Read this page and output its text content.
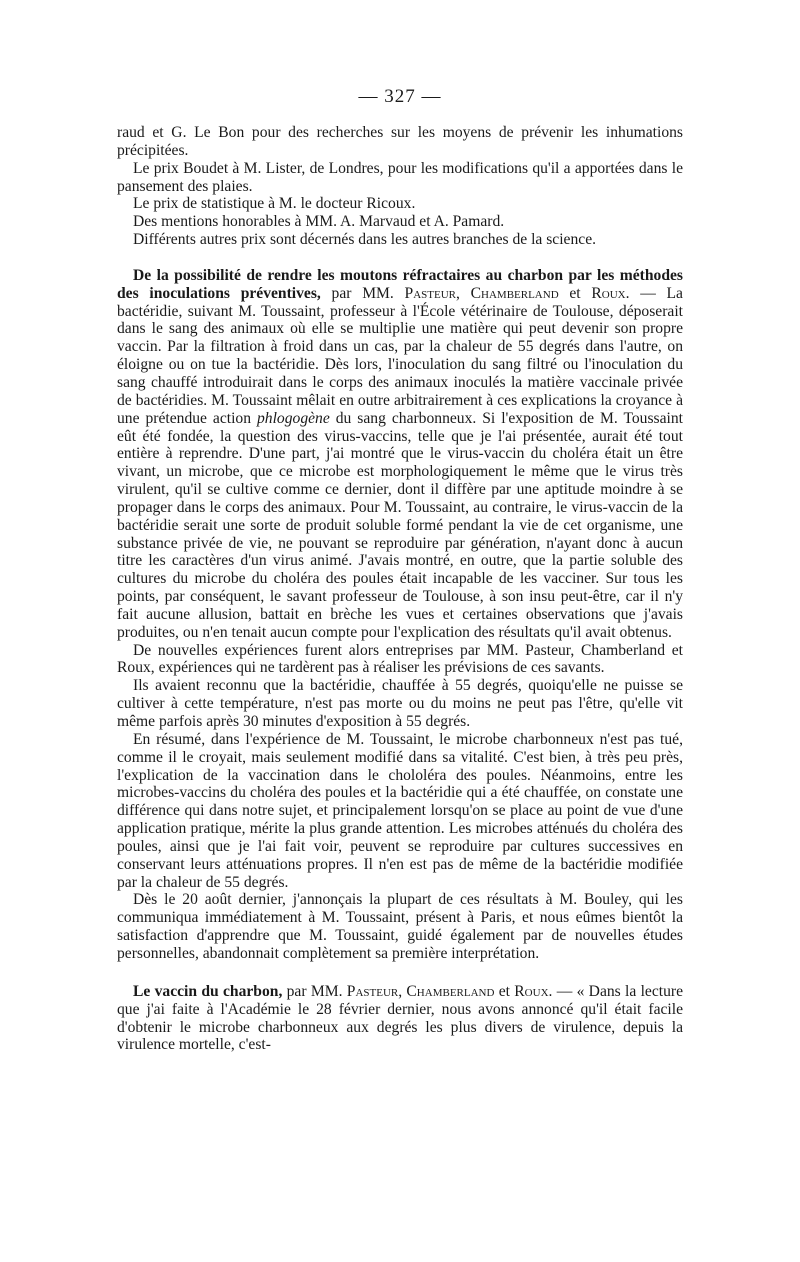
— 327 —

raud et G. Le Bon pour des recherches sur les moyens de prévenir les inhumations précipitées.

Le prix Boudet à M. Lister, de Londres, pour les modifications qu'il a apportées dans le pansement des plaies.

Le prix de statistique à M. le docteur Ricoux.

Des mentions honorables à MM. A. Marvaud et A. Pamard.

Différents autres prix sont décernés dans les autres branches de la science.

De la possibilité de rendre les moutons réfractaires au charbon par les méthodes des inoculations préventives, par MM. Pasteur, Chamberland et Roux. — La bactéridie, suivant M. Toussaint, professeur à l'École vétérinaire de Toulouse, déposerait dans le sang des animaux où elle se multiplie une matière qui peut devenir son propre vaccin. Par la filtration à froid dans un cas, par la chaleur de 55 degrés dans l'autre, on éloigne ou on tue la bactéridie. Dès lors, l'inoculation du sang filtré ou l'inoculation du sang chauffé introduirait dans le corps des animaux inoculés la matière vaccinale privée de bactéridies. M. Toussaint mêlait en outre arbitrairement à ces explications la croyance à une prétendue action phlogogène du sang charbonneux. Si l'exposition de M. Toussaint eût été fondée, la question des virus-vaccins, telle que je l'ai présentée, aurait été tout entière à reprendre. D'une part, j'ai montré que le virus-vaccin du choléra était un être vivant, un microbe, que ce microbe est morphologiquement le même que le virus très virulent, qu'il se cultive comme ce dernier, dont il diffère par une aptitude moindre à se propager dans le corps des animaux. Pour M. Toussaint, au contraire, le virus-vaccin de la bactéridie serait une sorte de produit soluble formé pendant la vie de cet organisme, une substance privée de vie, ne pouvant se reproduire par génération, n'ayant donc à aucun titre les caractères d'un virus animé. J'avais montré, en outre, que la partie soluble des cultures du microbe du choléra des poules était incapable de les vacciner. Sur tous les points, par conséquent, le savant professeur de Toulouse, à son insu peut-être, car il n'y fait aucune allusion, battait en brèche les vues et certaines observations que j'avais produites, ou n'en tenait aucun compte pour l'explication des résultats qu'il avait obtenus.

De nouvelles expériences furent alors entreprises par MM. Pasteur, Chamberland et Roux, expériences qui ne tardèrent pas à réaliser les prévisions de ces savants.

Ils avaient reconnu que la bactéridie, chauffée à 55 degrés, quoiqu'elle ne puisse se cultiver à cette température, n'est pas morte ou du moins ne peut pas l'être, qu'elle vit même parfois après 30 minutes d'exposition à 55 degrés.

En résumé, dans l'expérience de M. Toussaint, le microbe charbonneux n'est pas tué, comme il le croyait, mais seulement modifié dans sa vitalité. C'est bien, à très peu près, l'explication de la vaccination dans le chololéra des poules. Néanmoins, entre les microbes-vaccins du choléra des poules et la bactéridie qui a été chauffée, on constate une différence qui dans notre sujet, et principalement lorsqu'on se place au point de vue d'une application pratique, mérite la plus grande attention. Les microbes atténués du choléra des poules, ainsi que je l'ai fait voir, peuvent se reproduire par cultures successives en conservant leurs atténuations propres. Il n'en est pas de même de la bactéridie modifiée par la chaleur de 55 degrés.

Dès le 20 août dernier, j'annonçais la plupart de ces résultats à M. Bouley, qui les communiqua immédiatement à M. Toussaint, présent à Paris, et nous eûmes bientôt la satisfaction d'apprendre que M. Toussaint, guidé également par de nouvelles études personnelles, abandonnait complètement sa première interprétation.

Le vaccin du charbon, par MM. Pasteur, Chamberland et Roux. — « Dans la lecture que j'ai faite à l'Académie le 28 février dernier, nous avons annoncé qu'il était facile d'obtenir le microbe charbonneux aux degrés les plus divers de virulence, depuis la virulence mortelle, c'est-
